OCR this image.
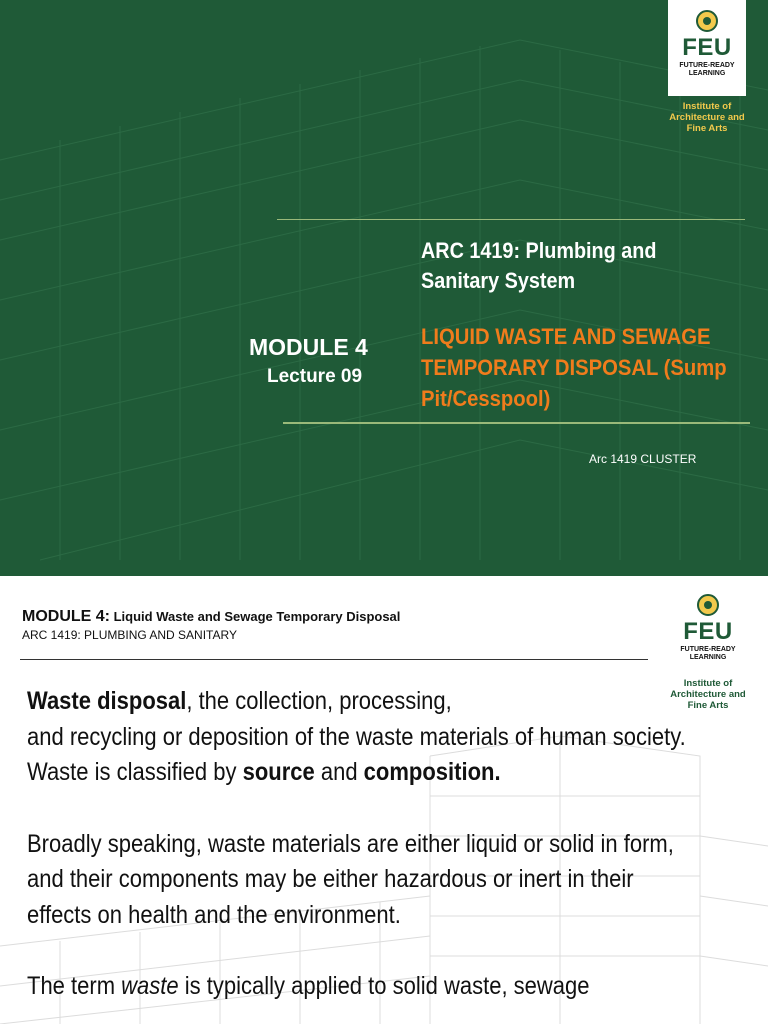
FEU
FUTURE-READY
LEARNING
Institute of
Architecture and
Fine Arts
ARC 1419: Plumbing and
Sanitary System
MODULE 4
Lecture 09
LIQUID WASTE AND SEWAGE
TEMPORARY DISPOSAL (Sump
Pit/Cesspool)
Arc 1419 CLUSTER
MODULE 4: Liquid Waste and Sewage Temporary Disposal
ARC 1419: PLUMBING AND SANITARY	FEU
FUTURE-READY
LEARNING
Institute of
Architecture and
Fine Arts

Waste disposal, the collection, processing,

and recycling or deposition of the waste materials of human society.

Waste is classified by source and composition.

Broadly speaking, waste materials are either liquid or solid in form, and their components may be either hazardous or inert in their effects on health and the environment.

The term waste is typically applied to solid waste, sewage
